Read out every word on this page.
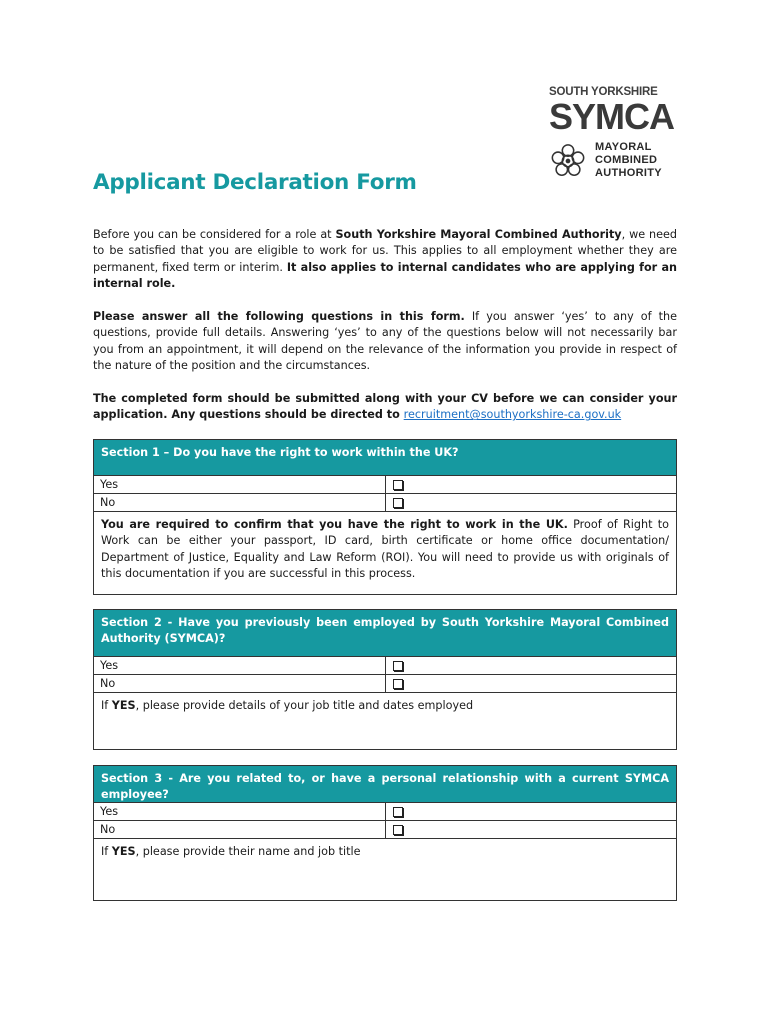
SOUTH YORKSHIRE
SYMCA
MAYORAL
COMBINED
AUTHORITY
Applicant Declaration Form

Before you can be considered for a role at South Yorkshire Mayoral Combined Authority, we need to be satisfied that you are eligible to work for us. This applies to all employment whether they are permanent, fixed term or interim. It also applies to internal candidates who are applying for an internal role.

Please answer all the following questions in this form. If you answer ‘yes’ to any of the questions, provide full details. Answering ‘yes’ to any of the questions below will not necessarily bar you from an appointment, it will depend on the relevance of the information you provide in respect of the nature of the position and the circumstances.

The completed form should be submitted along with your CV before we can consider your application. Any questions should be directed to recruitment@southyorkshire-ca.gov.uk

Section 1 – Do you have the right to work within the UK?
Yes
No
You are required to confirm that you have the right to work in the UK. Proof of Right to Work can be either your passport, ID card, birth certificate or home office documentation/ Department of Justice, Equality and Law Reform (ROI). You will need to provide us with originals of this documentation if you are successful in this process.
Section 2 - Have you previously been employed by South Yorkshire Mayoral Combined Authority (SYMCA)?
Yes
No
If YES, please provide details of your job title and dates employed
Section 3 - Are you related to, or have a personal relationship with a current SYMCA employee?
Yes
No
If YES, please provide their name and job title
